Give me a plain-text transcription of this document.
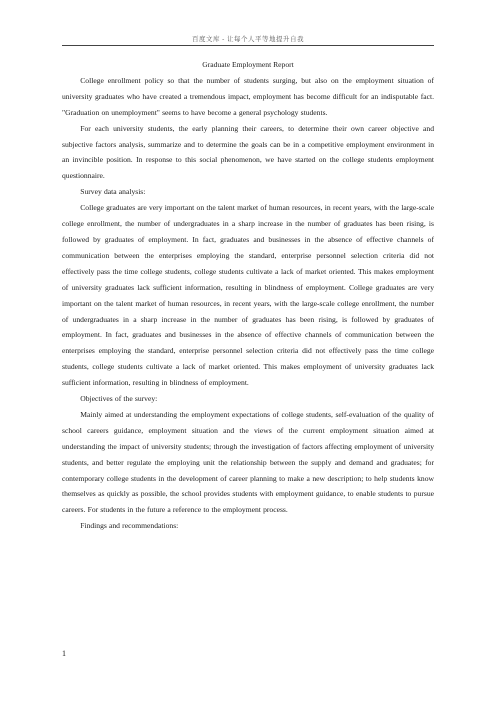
百度文库 - 让每个人平等地提升自我

Graduate Employment Report

College enrollment policy so that the number of students surging, but also on the employment situation of university graduates who have created a tremendous impact, employment has become difficult for an indisputable fact. "Graduation on unemployment" seems to have become a general psychology students.

For each university students, the early planning their careers, to determine their own career objective and subjective factors analysis, summarize and to determine the goals can be in a competitive employment environment in an invincible position. In response to this social phenomenon, we have started on the college students employment questionnaire.

Survey data analysis:

College graduates are very important on the talent market of human resources, in recent years, with the large-scale college enrollment, the number of undergraduates in a sharp increase in the number of graduates has been rising, is followed by graduates of employment. In fact, graduates and businesses in the absence of effective channels of communication between the enterprises employing the standard, enterprise personnel selection criteria did not effectively pass the time college students, college students cultivate a lack of market oriented. This makes employment of university graduates lack sufficient information, resulting in blindness of employment. College graduates are very important on the talent market of human resources, in recent years, with the large-scale college enrollment, the number of undergraduates in a sharp increase in the number of graduates has been rising, is followed by graduates of employment. In fact, graduates and businesses in the absence of effective channels of communication between the enterprises employing the standard, enterprise personnel selection criteria did not effectively pass the time college students, college students cultivate a lack of market oriented. This makes employment of university graduates lack sufficient information, resulting in blindness of employment.

Objectives of the survey:

Mainly aimed at understanding the employment expectations of college students, self-evaluation of the quality of school careers guidance, employment situation and the views of the current employment situation aimed at understanding the impact of university students; through the investigation of factors affecting employment of university students, and better regulate the employing unit the relationship between the supply and demand and graduates; for contemporary college students in the development of career planning to make a new description; to help students know themselves as quickly as possible, the school provides students with employment guidance, to enable students to pursue careers. For students in the future a reference to the employment process.

Findings and recommendations:

1
